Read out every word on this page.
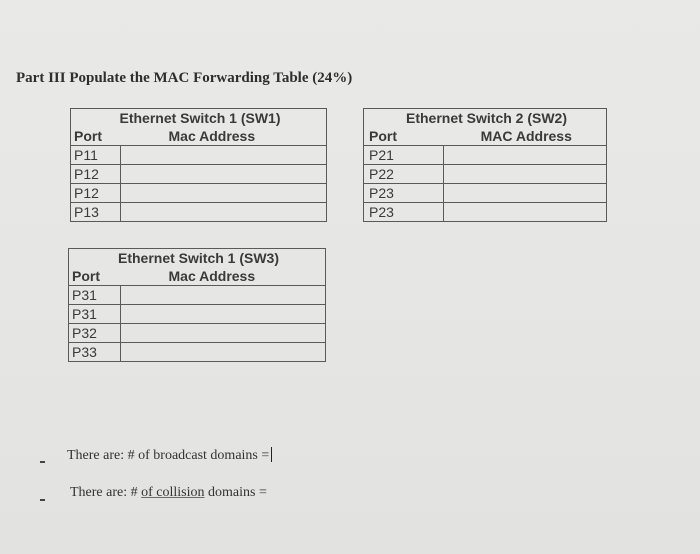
Part III Populate the MAC Forwarding Table (24%)
Ethernet Switch 1 (SW1)	
Port	Mac Address
P11	
P12	
P12	
P13	
Ethernet Switch 2 (SW2)	
Port	MAC Address
P21	
P22	
P23	
P23	
Ethernet Switch 1 (SW3)	
Port	Mac Address
P31	
P31	
P32	
P33	
There are: # of broadcast domains =
There are: # of collision domains =
